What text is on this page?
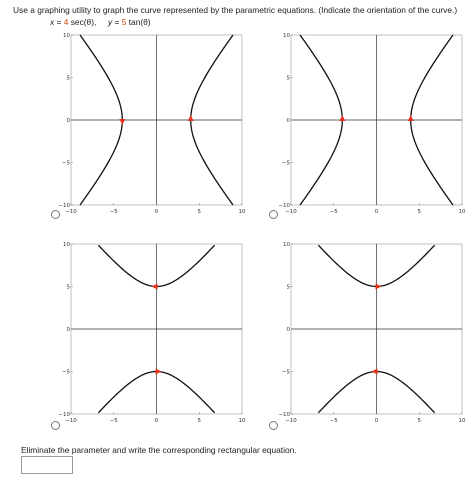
Use a graphing utility to graph the curve represented by the parametric equations. (Indicate the orientation of the curve.)
x = 4 sec(θ), y = 5 tan(θ)
−10	−5	0	5	10
10
5
0
−5
−10
−10	−5	0	5	10
10
5
0
−5
−10
−10	−5	0	5	10
10
5
0
−5
−10
−10	−5	0	5	10
10
5
0
−5
−10
Eliminate the parameter and write the corresponding rectangular equation.
